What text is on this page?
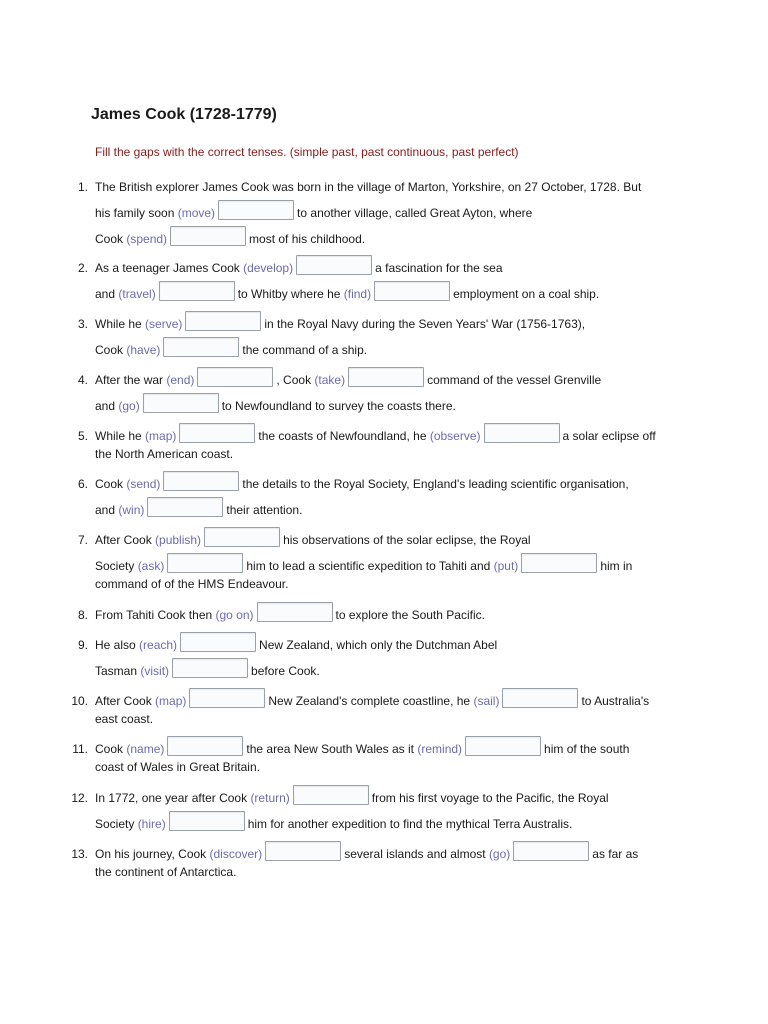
James Cook (1728-1779)
Fill the gaps with the correct tenses. (simple past, past continuous, past perfect)
1. The British explorer James Cook was born in the village of Marton, Yorkshire, on 27 October, 1728. But
his family soon (move)	to another village, called Great Ayton, where
Cook (spend)	most of his childhood.
2. As a teenager James Cook (develop)	a fascination for the sea
and (travel)	to Whitby where he (find)	employment on a coal ship.
3. While he (serve)	in the Royal Navy during the Seven Years' War (1756-1763),
Cook (have)	the command of a ship.
4. After the war (end)	, Cook (take)	command of the vessel Grenville
and (go)	to Newfoundland to survey the coasts there.
5. While he (map)	the coasts of Newfoundland, he (observe)	a solar eclipse off
the North American coast.
6. Cook (send)	the details to the Royal Society, England's leading scientific organisation,
and (win)	their attention.
7. After Cook (publish)	his observations of the solar eclipse, the Royal
Society (ask)	him to lead a scientific expedition to Tahiti and (put)	him in
command of of the HMS Endeavour.
8. From Tahiti Cook then (go on)	to explore the South Pacific.
9. He also (reach)	New Zealand, which only the Dutchman Abel
Tasman (visit)	before Cook.
10. After Cook (map)	New Zealand's complete coastline, he (sail)	to Australia's
east coast.
11. Cook (name)	the area New South Wales as it (remind)	him of the south
coast of Wales in Great Britain.
12. In 1772, one year after Cook (return)	from his first voyage to the Pacific, the Royal
Society (hire)	him for another expedition to find the mythical Terra Australis.
13. On his journey, Cook (discover)	several islands and almost (go)	as far as
the continent of Antarctica.
